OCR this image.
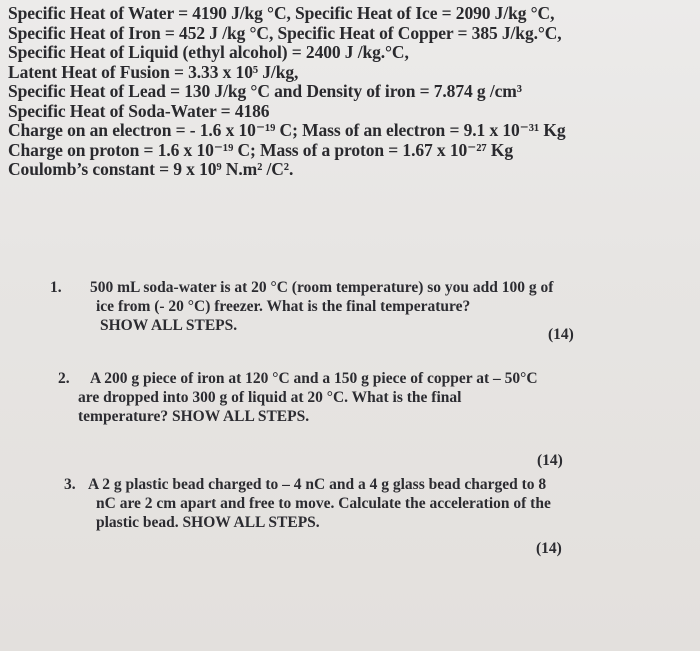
Specific Heat of Water = 4190 J/kg °C, Specific Heat of Ice = 2090 J/kg °C,
Specific Heat of Iron = 452 J /kg °C, Specific Heat of Copper = 385 J/kg.°C,
Specific Heat of Liquid (ethyl alcohol) = 2400 J /kg.°C,
Latent Heat of Fusion = 3.33 x 10⁵ J/kg,
Specific Heat of Lead = 130 J/kg °C and Density of iron = 7.874 g /cm³
Specific Heat of Soda-Water = 4186
Charge on an electron = - 1.6 x 10⁻¹⁹ C; Mass of an electron = 9.1 x 10⁻³¹ Kg
Charge on proton = 1.6 x 10⁻¹⁹ C; Mass of a proton = 1.67 x 10⁻²⁷ Kg
Coulomb’s constant = 9 x 10⁹ N.m² /C².
1. 500 mL soda-water is at 20 °C (room temperature) so you add 100 g of
ice from (- 20 °C) freezer. What is the final temperature?
SHOW ALL STEPS.
(14)
2. A 200 g piece of iron at 120 °C and a 150 g piece of copper at – 50°C
are dropped into 300 g of liquid at 20 °C. What is the final
temperature? SHOW ALL STEPS.
(14)
3. A 2 g plastic bead charged to – 4 nC and a 4 g glass bead charged to 8
nC are 2 cm apart and free to move. Calculate the acceleration of the
plastic bead. SHOW ALL STEPS.
(14)
